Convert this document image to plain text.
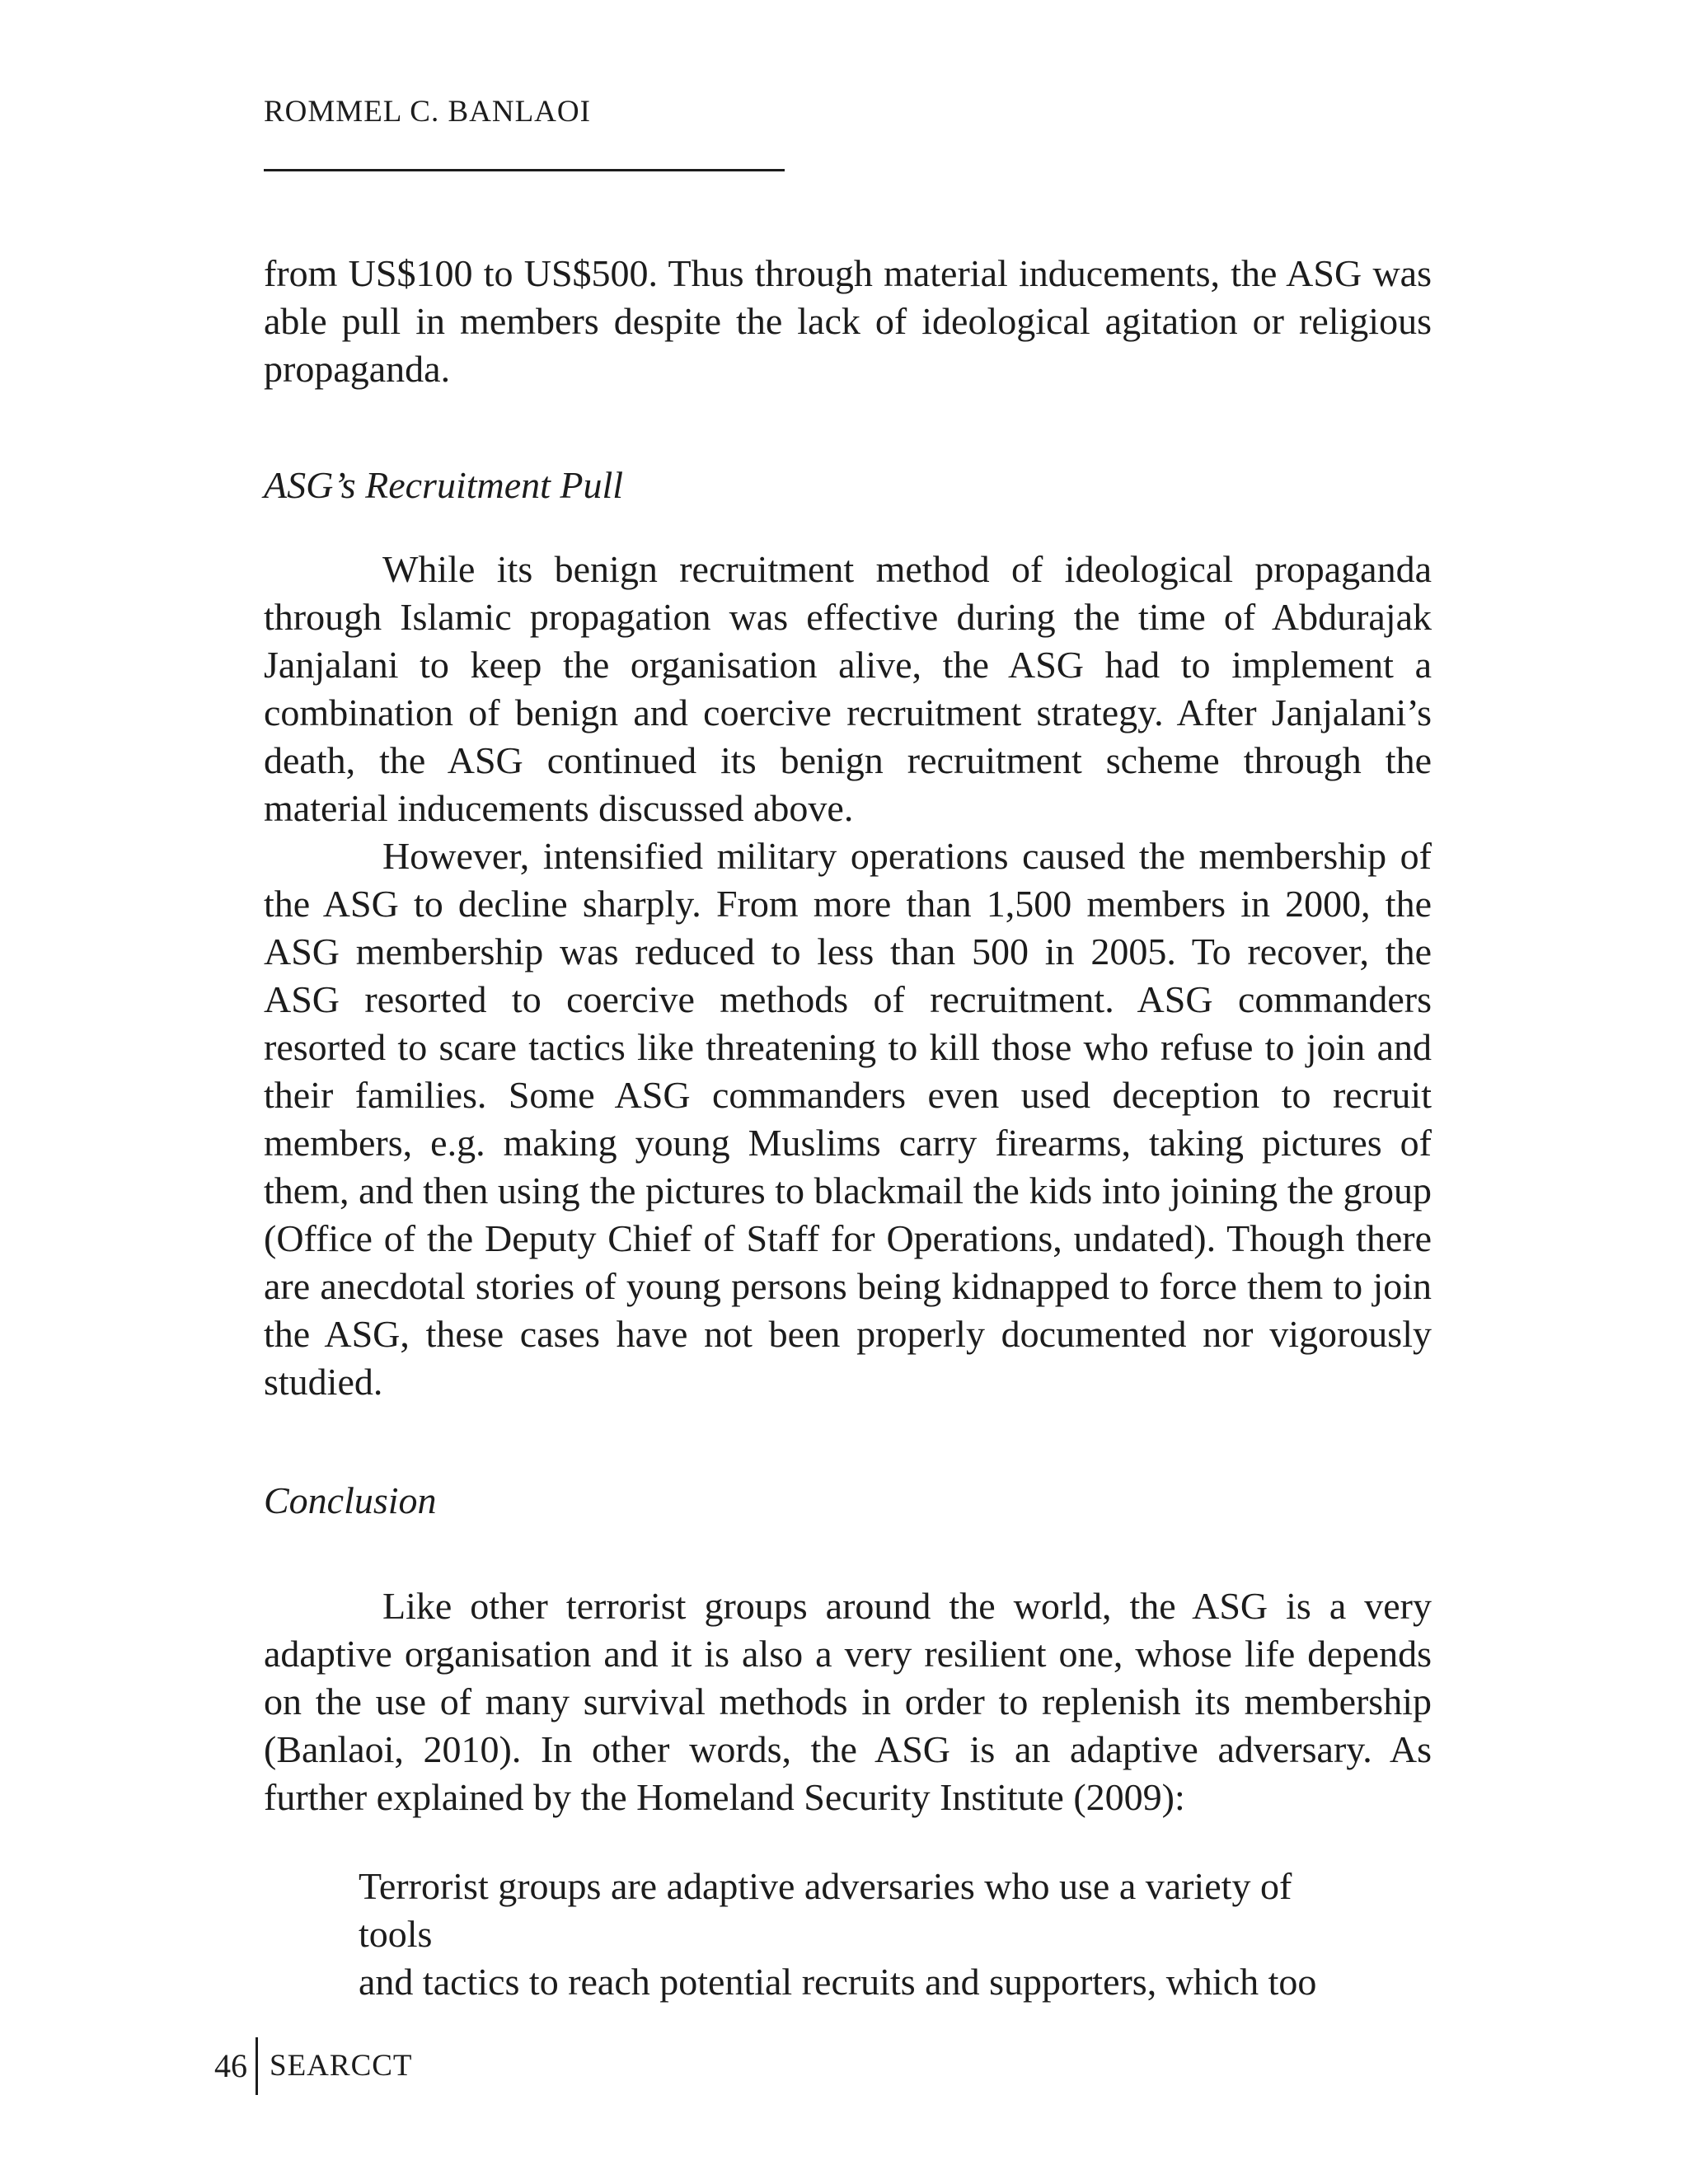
ROMMEL C. BANLAOI

from US$100 to US$500. Thus through material inducements, the ASG was able pull in members despite the lack of ideological agitation or religious propaganda.

ASG’s Recruitment Pull

While its benign recruitment method of ideological propaganda through Islamic propagation was effective during the time of Abdurajak Janjalani to keep the organisation alive, the ASG had to implement a combination of benign and coercive recruitment strategy. After Janjalani’s death, the ASG continued its benign recruitment scheme through the material inducements discussed above.

However, intensified military operations caused the membership of the ASG to decline sharply. From more than 1,500 members in 2000, the ASG membership was reduced to less than 500 in 2005. To recover, the ASG resorted to coercive methods of recruitment. ASG commanders resorted to scare tactics like threatening to kill those who refuse to join and their families. Some ASG commanders even used deception to recruit members, e.g. making young Muslims carry firearms, taking pictures of them, and then using the pictures to blackmail the kids into joining the group (Office of the Deputy Chief of Staff for Operations, undated). Though there are anecdotal stories of young persons being kidnapped to force them to join the ASG, these cases have not been properly documented nor vigorously studied.

Conclusion

Like other terrorist groups around the world, the ASG is a very adaptive organisation and it is also a very resilient one, whose life depends on the use of many survival methods in order to replenish its membership (Banlaoi, 2010). In other words, the ASG is an adaptive adversary. As further explained by the Homeland Security Institute (2009):

Terrorist groups are adaptive adversaries who use a variety of tools
and tactics to reach potential recruits and supporters, which too
46 SEARCCT
